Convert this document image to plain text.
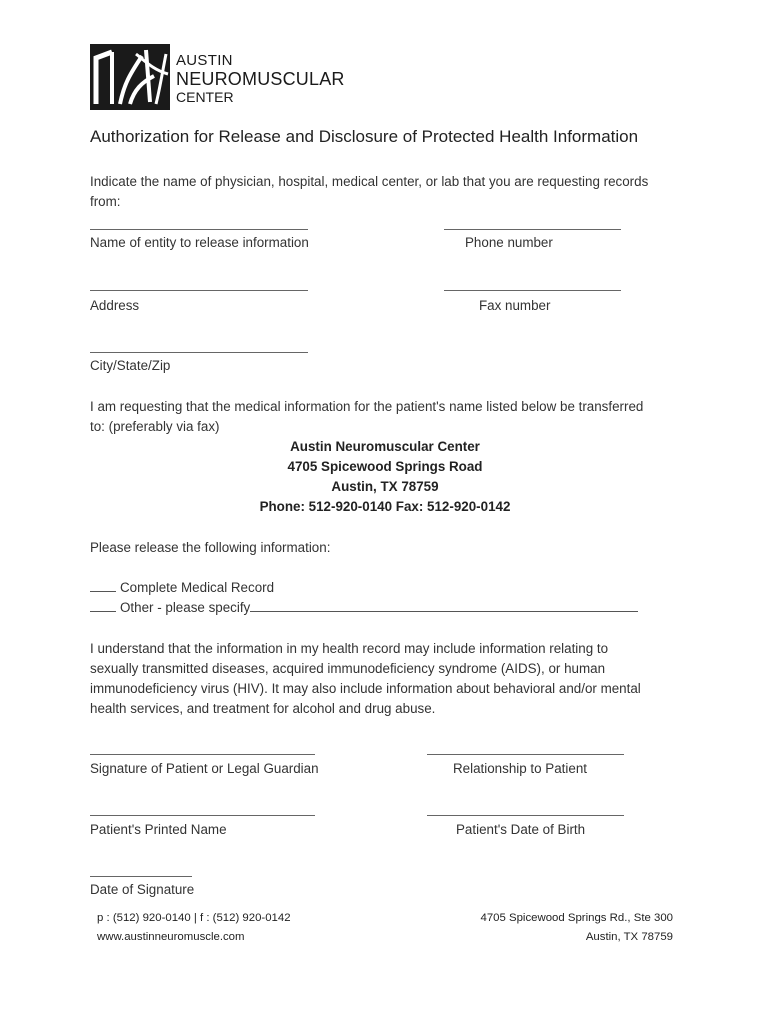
AUSTIN
NEUROMUSCULAR
CENTER
Authorization for Release and Disclosure of Protected Health Information
Indicate the name of physician, hospital, medical center, or lab that you are requesting records
from:
Name of entity to release information	Phone number
Address	Fax number
City/State/Zip
I am requesting that the medical information for the patient's name listed below be transferred
to: (preferably via fax)
Austin Neuromuscular Center
4705 Spicewood Springs Road
Austin, TX 78759
Phone: 512-920-0140 Fax: 512-920-0142
Please release the following information:
Complete Medical Record
Other - please specify
I understand that the information in my health record may include information relating to
sexually transmitted diseases, acquired immunodeficiency syndrome (AIDS), or human
immunodeficiency virus (HIV). It may also include information about behavioral and/or mental
health services, and treatment for alcohol and drug abuse.
Signature of Patient or Legal Guardian	Relationship to Patient
Patient's Printed Name	Patient's Date of Birth
Date of Signature
p : (512) 920-0140 | f : (512) 920-0142
www.austinneuromuscle.com
4705 Spicewood Springs Rd., Ste 300
Austin, TX 78759
